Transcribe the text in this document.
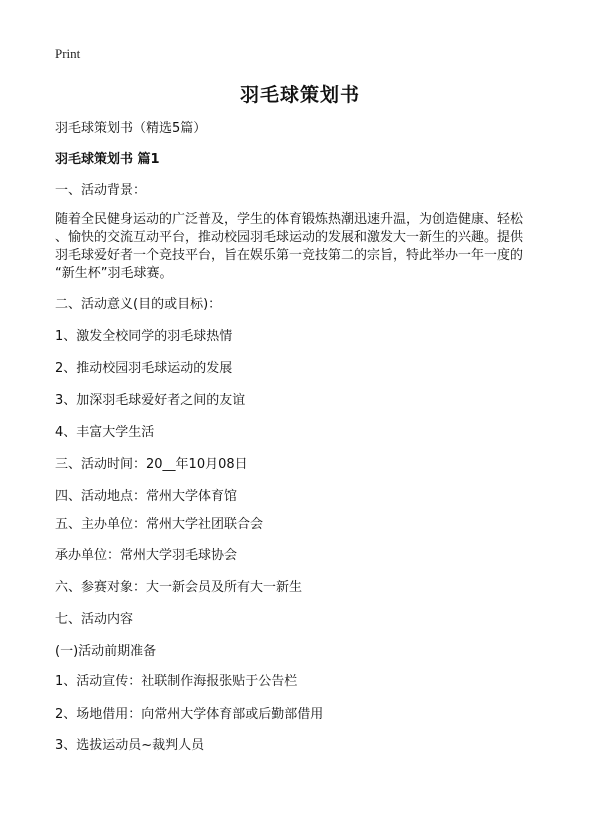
Print
羽毛球策划书
羽毛球策划书（精选5篇）
羽毛球策划书 篇1
一、活动背景：
随着全民健身运动的广泛普及，学生的体育锻炼热潮迅速升温，为创造健康、轻松
、愉快的交流互动平台，推动校园羽毛球运动的发展和激发大一新生的兴趣。提供
羽毛球爱好者一个竞技平台，旨在娱乐第一竞技第二的宗旨，特此举办一年一度的
“新生杯”羽毛球赛。
二、活动意义(目的或目标)：
1、激发全校同学的羽毛球热情
2、推动校园羽毛球运动的发展
3、加深羽毛球爱好者之间的友谊
4、丰富大学生活
三、活动时间：20__年10月08日
四、活动地点：常州大学体育馆
五、主办单位：常州大学社团联合会
承办单位：常州大学羽毛球协会
六、参赛对象：大一新会员及所有大一新生
七、活动内容
(一)活动前期准备
1、活动宣传：社联制作海报张贴于公告栏
2、场地借用：向常州大学体育部或后勤部借用
3、选拔运动员~裁判人员
